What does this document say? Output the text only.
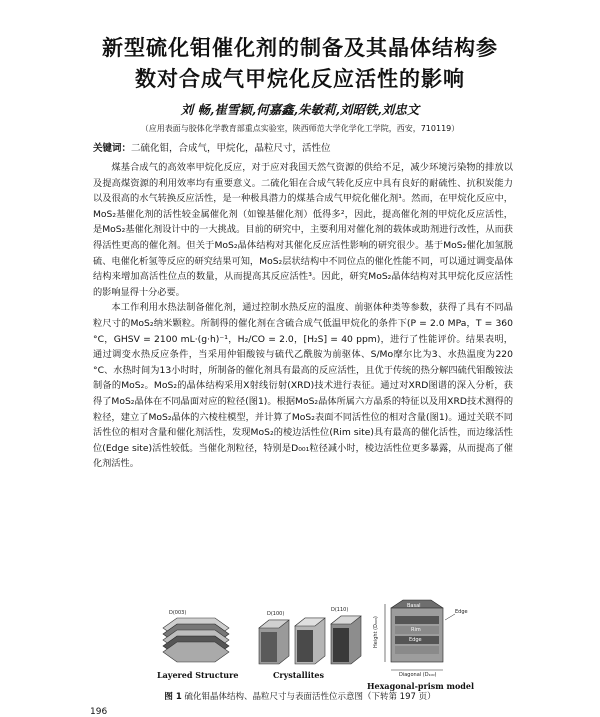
新型硫化钼催化剂的制备及其晶体结构参
数对合成气甲烷化反应活性的影响
刘 畅,崔雪颖,何嘉鑫,朱敏莉,刘昭铁,刘忠文
（应用表面与胶体化学教育部重点实验室，陕西师范大学化学化工学院，西安，710119）
关键词：二硫化钼，合成气，甲烷化，晶粒尺寸，活性位

煤基合成气的高效率甲烷化反应，对于应对我国天然气资源的供给不足，减少环境污染物的排放以及提高煤资源的利用效率均有重要意义。二硫化钼在合成气转化反应中具有良好的耐硫性、抗积炭能力以及很高的水气转换反应活性，是一种极具潜力的煤基合成气甲烷化催化剂¹。然而，在甲烷化反应中，MoS₂基催化剂的活性较金属催化剂（如镍基催化剂）低得多²，因此，提高催化剂的甲烷化反应活性，是MoS₂基催化剂设计中的一大挑战。目前的研究中，主要利用对催化剂的载体或助剂进行改性，从而获得活性更高的催化剂。但关于MoS₂晶体结构对其催化反应活性影响的研究很少。基于MoS₂催化加氢脱硫、电催化析氢等反应的研究结果可知，MoS₂层状结构中不同位点的催化性能不同，可以通过调变晶体结构来增加高活性位点的数量，从而提高其反应活性³。因此，研究MoS₂晶体结构对其甲烷化反应活性的影响显得十分必要。

本工作利用水热法制备催化剂，通过控制水热反应的温度、前驱体种类等参数，获得了具有不同晶粒尺寸的MoS₂纳米颗粒。所制得的催化剂在含硫合成气低温甲烷化的条件下(P = 2.0 MPa，T = 360 °C，GHSV = 2100 mL·(g·h)⁻¹，H₂/CO = 2.0，[H₂S] = 40 ppm)，进行了性能评价。结果表明，通过调变水热反应条件，当采用仲钼酸铵与硫代乙酰胺为前驱体、S/Mo摩尔比为3、水热温度为220 °C、水热时间为13小时时，所制备的催化剂具有最高的反应活性，且优于传统的热分解四硫代钼酸铵法制备的MoS₂。MoS₂的晶体结构采用X射线衍射(XRD)技术进行表征。通过对XRD图谱的深入分析，获得了MoS₂晶体在不同晶面对应的粒径(图1)。根据MoS₂晶体所属六方晶系的特征以及用XRD技术测得的粒径，建立了MoS₂晶体的六棱柱模型，并计算了MoS₂表面不同活性位的相对含量(图1)。通过关联不同活性位的相对含量和催化剂活性，发现MoS₂的棱边活性位(Rim site)具有最高的催化活性，而边缘活性位(Edge site)活性较低。当催化剂粒径，特别是D₀₀₁粒径减小时，棱边活性位更多暴露，从而提高了催化剂活性。

D(003)	D(100)
D(110)
Basal
Rim
Edge
Edge
Height (D₀₀₃)
Diagonal (D₁₀₀)
Layered Structure	Crystallites
Hexagonal-prism model
图 1 硫化钼晶体结构、晶粒尺寸与表面活性位示意图（下转第 197 页）
196
